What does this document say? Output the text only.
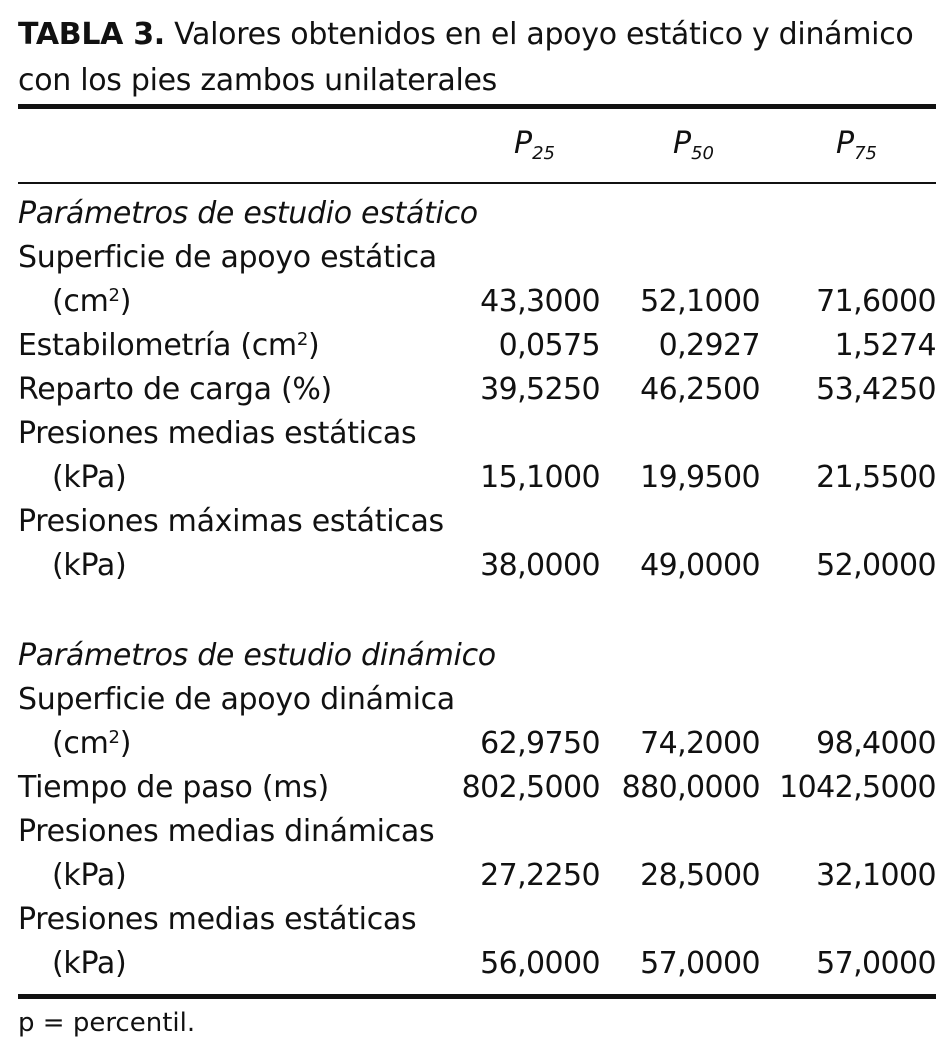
TABLA 3. Valores obtenidos en el apoyo estático y dinámico
con los pies zambos unilaterales
$P_{25}$	$P_{50}$	$P_{75}$
Parámetros de estudio estático
Superficie de apoyo estática
$(cm^2)$	43,3000 52,1000 71,6000
Estabilometría $(cm^2)$	0,0575 0,2927 1,5274
Reparto de carga (%)	39,5250 46,2500 53,4250
Presiones medias estáticas
(kPa)	15,1000 19,9500 21,5500
Presiones máximas estáticas
(kPa)	38,0000 49,0000 52,0000
Parámetros de estudio dinámico
Superficie de apoyo dinámica
$(cm^2)$	62,9750 74,2000 98,4000
Tiempo de paso (ms)	802,5000 880,0000 1042,5000
Presiones medias dinámicas
(kPa)	27,2250 28,5000 32,1000
Presiones medias estáticas
(kPa)	56,0000 57,0000 57,0000
p = percentil.
